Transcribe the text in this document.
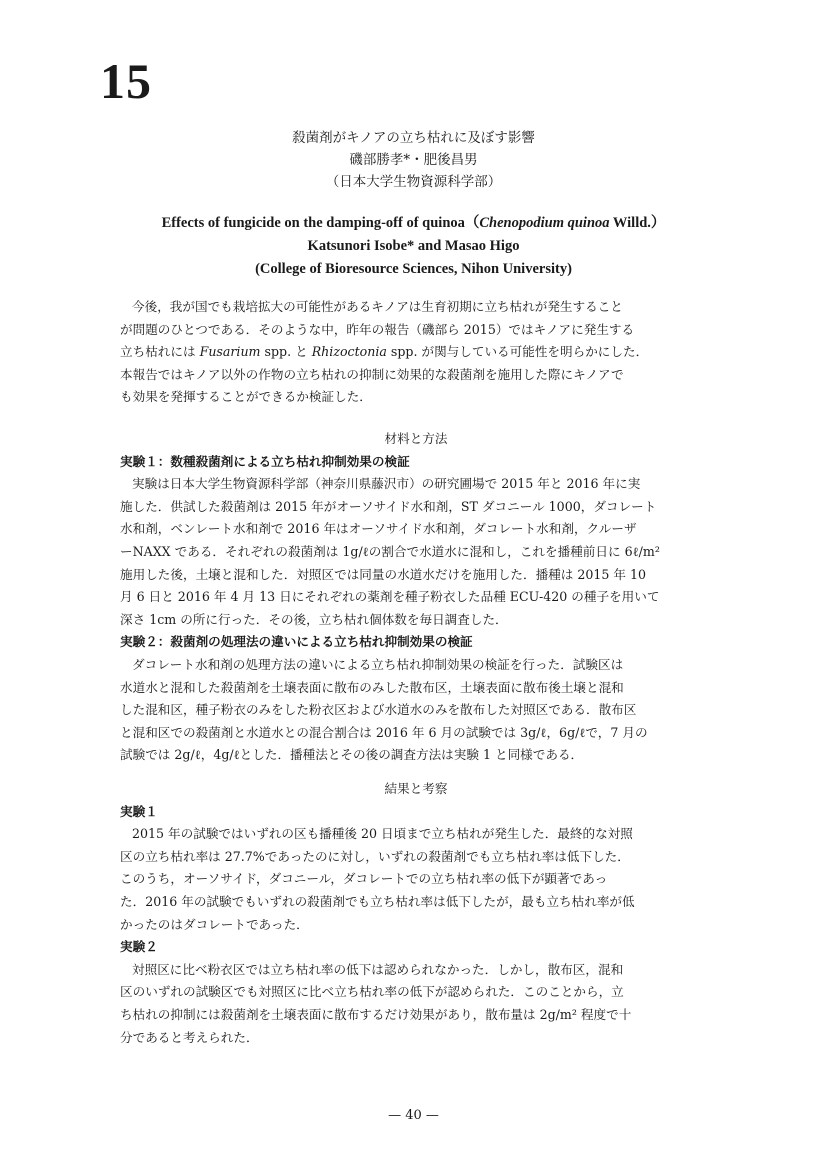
15
殺菌剤がキノアの立ち枯れに及ぼす影響
磯部勝孝*・肥後昌男
（日本大学生物資源科学部）
Effects of fungicide on the damping-off of quinoa（Chenopodium quinoa Willd.）
Katsunori Isobe* and Masao Higo
(College of Bioresource Sciences, Nihon University)
今後，我が国でも栽培拡大の可能性があるキノアは生育初期に立ち枯れが発生すること
が問題のひとつである．そのような中，昨年の報告（磯部ら 2015）ではキノアに発生する
立ち枯れには Fusarium spp. と Rhizoctonia spp. が関与している可能性を明らかにした．
本報告ではキノア以外の作物の立ち枯れの抑制に効果的な殺菌剤を施用した際にキノアで
も効果を発揮することができるか検証した．
材料と方法
実験１：数種殺菌剤による立ち枯れ抑制効果の検証
実験は日本大学生物資源科学部（神奈川県藤沢市）の研究圃場で 2015 年と 2016 年に実
施した．供試した殺菌剤は 2015 年がオーソサイド水和剤，ST ダコニール 1000，ダコレート
水和剤，ベンレート水和剤で 2016 年はオーソサイド水和剤，ダコレート水和剤，クルーザ
ーNAXX である．それぞれの殺菌剤は 1g/ℓの割合で水道水に混和し，これを播種前日に 6ℓ/m²
施用した後，土壌と混和した．対照区では同量の水道水だけを施用した．播種は 2015 年 10
月 6 日と 2016 年 4 月 13 日にそれぞれの薬剤を種子粉衣した品種 ECU-420 の種子を用いて
深さ 1cm の所に行った．その後，立ち枯れ個体数を毎日調査した．
実験２：殺菌剤の処理法の違いによる立ち枯れ抑制効果の検証
ダコレート水和剤の処理方法の違いによる立ち枯れ抑制効果の検証を行った．試験区は
水道水と混和した殺菌剤を土壌表面に散布のみした散布区，土壌表面に散布後土壌と混和
した混和区，種子粉衣のみをした粉衣区および水道水のみを散布した対照区である．散布区
と混和区での殺菌剤と水道水との混合割合は 2016 年 6 月の試験では 3g/ℓ，6g/ℓで，7 月の
試験では 2g/ℓ，4g/ℓとした．播種法とその後の調査方法は実験 1 と同様である．
結果と考察
実験１
2015 年の試験ではいずれの区も播種後 20 日頃まで立ち枯れが発生した．最終的な対照
区の立ち枯れ率は 27.7%であったのに対し，いずれの殺菌剤でも立ち枯れ率は低下した．
このうち，オーソサイド，ダコニール，ダコレートでの立ち枯れ率の低下が顕著であっ
た．2016 年の試験でもいずれの殺菌剤でも立ち枯れ率は低下したが，最も立ち枯れ率が低
かったのはダコレートであった．
実験２
対照区に比べ粉衣区では立ち枯れ率の低下は認められなかった．しかし，散布区，混和
区のいずれの試験区でも対照区に比べ立ち枯れ率の低下が認められた．このことから，立
ち枯れの抑制には殺菌剤を土壌表面に散布するだけ効果があり，散布量は 2g/m² 程度で十
分であると考えられた．
— 40 —
